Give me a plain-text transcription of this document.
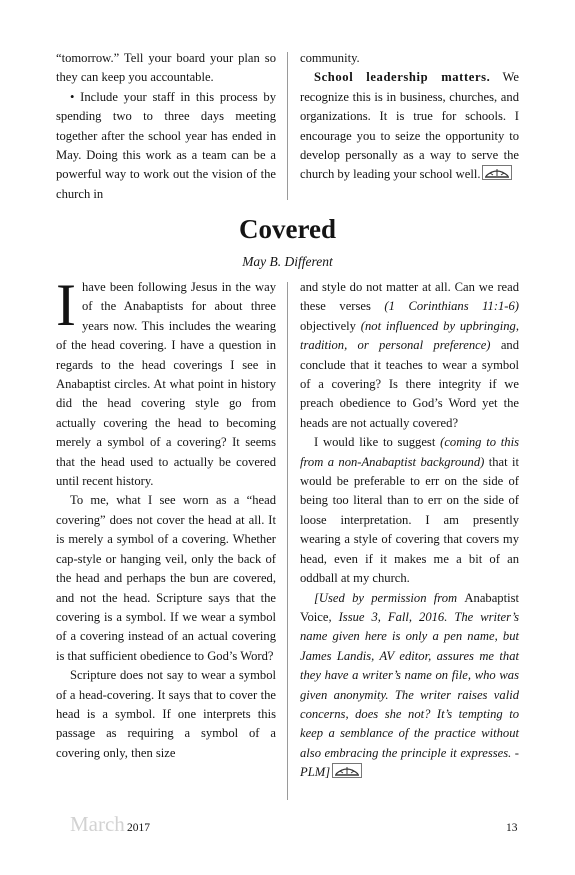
“tomorrow.” Tell your board your plan so they can keep you accountable.

• Include your staff in this process by spending two to three days meeting together after the school year has ended in May. Doing this work as a team can be a powerful way to work out the vision of the church in

community.

School leadership matters. We recognize this is in business, churches, and organizations. It is true for schools. I encourage you to seize the opportunity to develop personally as a way to serve the church by leading your school well.

Covered
May B. Different

Ihave been following Jesus in the way of the Anabaptists for about three years now. This includes the wearing of the head covering. I have a question in regards to the head coverings I see in Anabaptist circles. At what point in history did the head covering style go from actually covering the head to becoming merely a symbol of a covering? It seems that the head used to actually be covered until recent history.

To me, what I see worn as a “head covering” does not cover the head at all. It is merely a symbol of a covering. Whether cap-style or hanging veil, only the back of the head and perhaps the bun are covered, and not the head. Scripture says that the covering is a symbol. If we wear a symbol of a covering instead of an actual covering is that sufficient obedience to God’s Word?

Scripture does not say to wear a symbol of a head-covering. It says that to cover the head is a symbol. If one interprets this passage as requiring a symbol of a covering only, then size

and style do not matter at all. Can we read these verses (1 Corinthians 11:1-6) objectively (not influenced by upbringing, tradition, or personal preference) and conclude that it teaches to wear a symbol of a covering? Is there integrity if we preach obedience to God’s Word yet the heads are not actually covered?

I would like to suggest (coming to this from a non-Anabaptist background) that it would be preferable to err on the side of being too literal than to err on the side of loose interpretation. I am presently wearing a style of covering that covers my head, even if it makes me a bit of an oddball at my church.

[Used by permission from Anabaptist Voice, Issue 3, Fall, 2016. The writer’s name given here is only a pen name, but James Landis, AV editor, assures me that they have a writer’s name on file, who was given anonymity. The writer raises valid concerns, does she not? It’s tempting to keep a semblance of the practice without also embracing the principle it expresses. -PLM]

March 2017	13
